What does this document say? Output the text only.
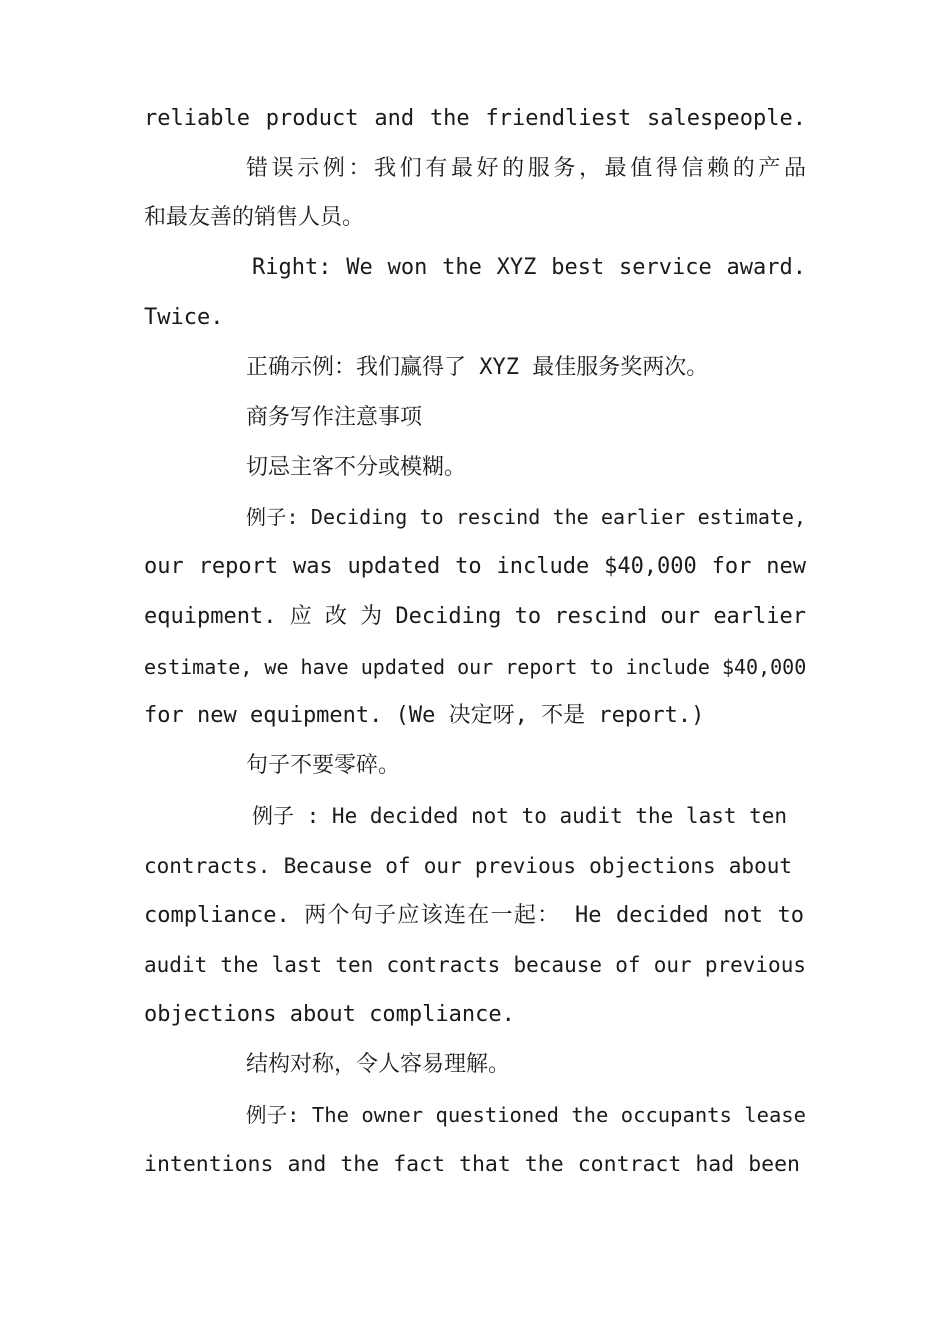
reliable product and the friendliest salespeople.
错误示例：我们有最好的服务，最值得信赖的产品
和最友善的销售人员。
Right: We won the XYZ best service award.
Twice.
正确示例：我们赢得了 XYZ 最佳服务奖两次。
商务写作注意事项
切忌主客不分或模糊。
例子: Deciding to rescind the earlier estimate,
our report was updated to include $40,000 for new
equipment. 应 改 为 Deciding to rescind our earlier
estimate, we have updated our report to include $40,000
for new equipment. (We 决定呀, 不是 report.)
句子不要零碎。
例子 : He decided not to audit the last ten
contracts. Because of our previous objections about
compliance. 两个句子应该连在一起： He decided not to
audit the last ten contracts because of our previous
objections about compliance.
结构对称，令人容易理解。
例子: The owner questioned the occupants lease
intentions and the fact that the contract had been
